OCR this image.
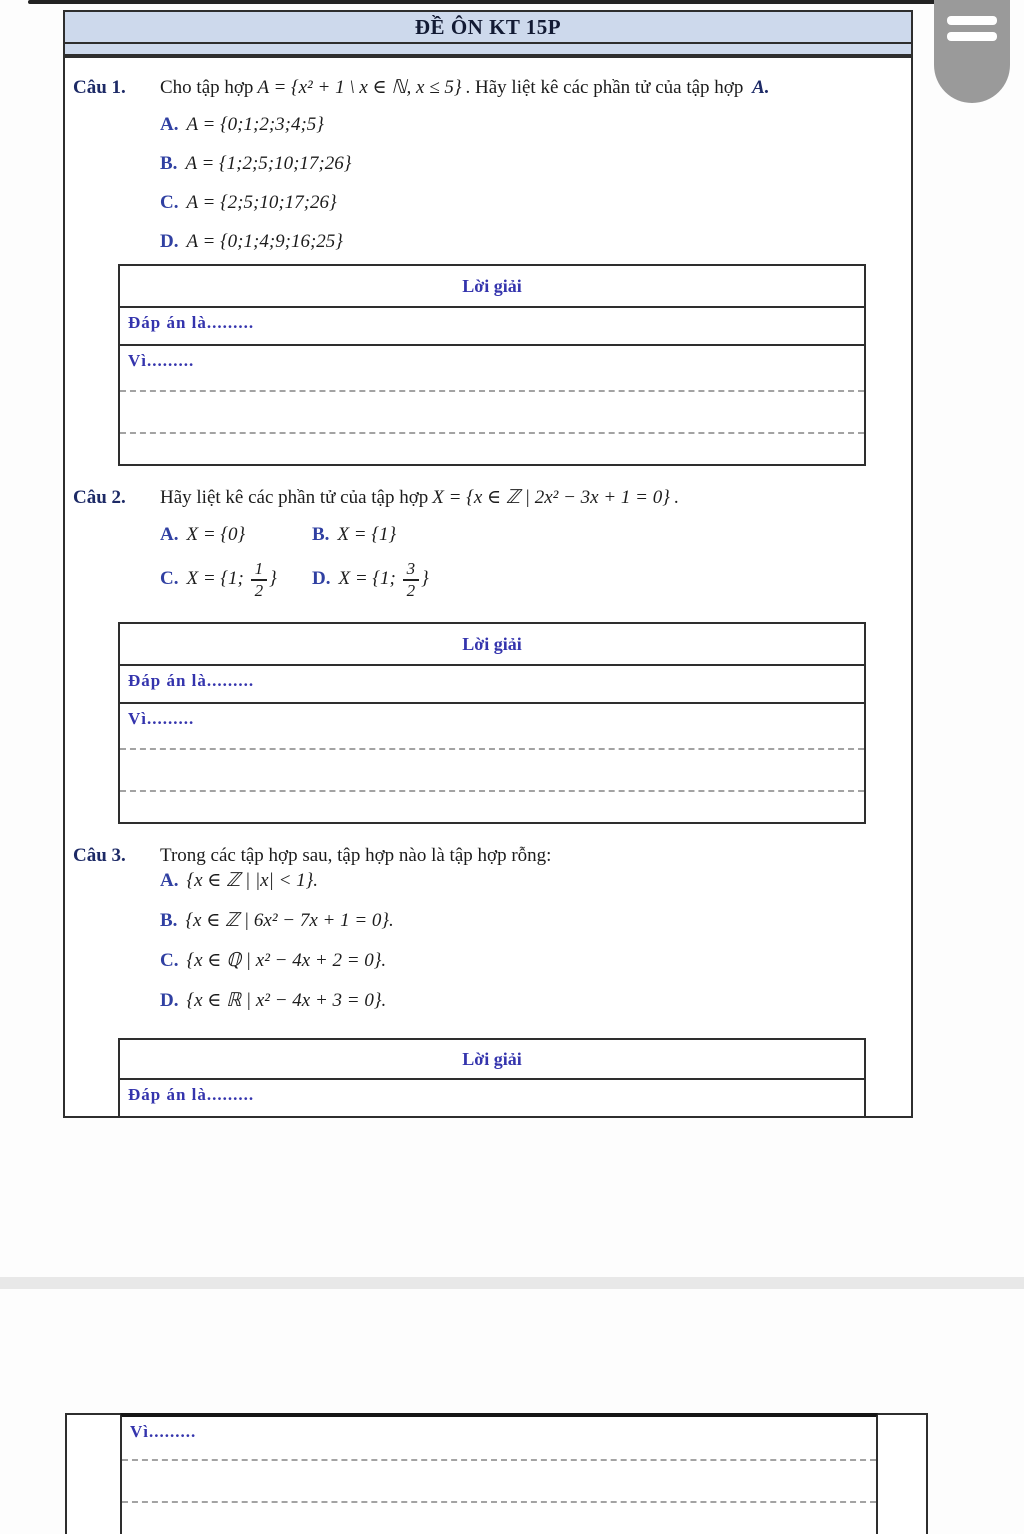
ĐỀ ÔN KT 15P
Câu 1.	Cho tập hợp A = {x² + 1 \ x ∈ ℕ, x ≤ 5} . Hãy liệt kê các phần tử của tập hợp A.
A. A = {0;1;2;3;4;5}
B. A = {1;2;5;10;17;26}
C. A = {2;5;10;17;26}
D. A = {0;1;4;9;16;25}
Lời giải
Đáp án là.........
Vì.........
Câu 2.	Hãy liệt kê các phần tử của tập hợp X = {x ∈ ℤ | 2x² − 3x + 1 = 0} .
A. X = {0}	B. X = {1}
C. X = {1; $\frac{1}{2}$ } D. X = {1; $\frac{3}{2}$ }
Lời giải
Đáp án là.........
Vì.........
Câu 3.	Trong các tập hợp sau, tập hợp nào là tập hợp rỗng:
A. {x ∈ ℤ | |x| < 1}.
B. {x ∈ ℤ | 6x² − 7x + 1 = 0}.
C. {x ∈ ℚ | x² − 4x + 2 = 0}.
D. {x ∈ ℝ | x² − 4x + 3 = 0}.
Lời giải
Đáp án là.........
Vì.........
